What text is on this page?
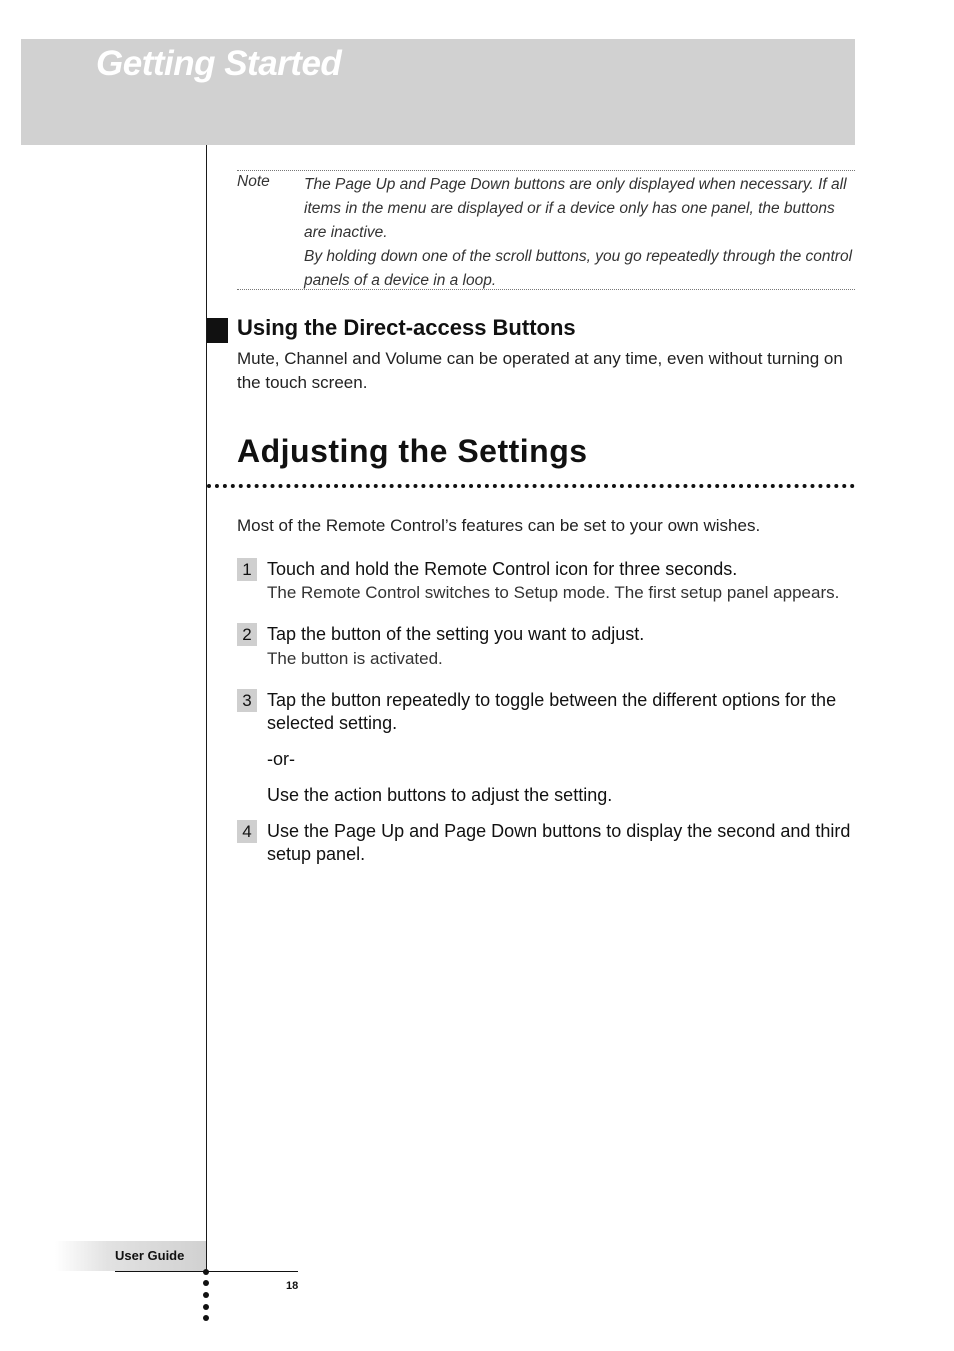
Getting Started
Note The Page Up and Page Down buttons are only displayed when necessary. If all items in the menu are displayed or if a device only has one panel, the buttons are inactive.

By holding down one of the scroll buttons, you go repeatedly through the control panels of a device in a loop.

Using the Direct-access Buttons

Mute, Channel and Volume can be operated at any time, even without turning on the touch screen.

Adjusting the Settings

Most of the Remote Control’s features can be set to your own wishes.

1 Touch and hold the Remote Control icon for three seconds.

The Remote Control switches to Setup mode. The first setup panel appears.

2 Tap the button of the setting you want to adjust.

The button is activated.

3 Tap the button repeatedly to toggle between the different options for the selected setting.

-or-

Use the action buttons to adjust the setting.

4 Use the Page Up and Page Down buttons to display the second and third setup panel.

User Guide

18
